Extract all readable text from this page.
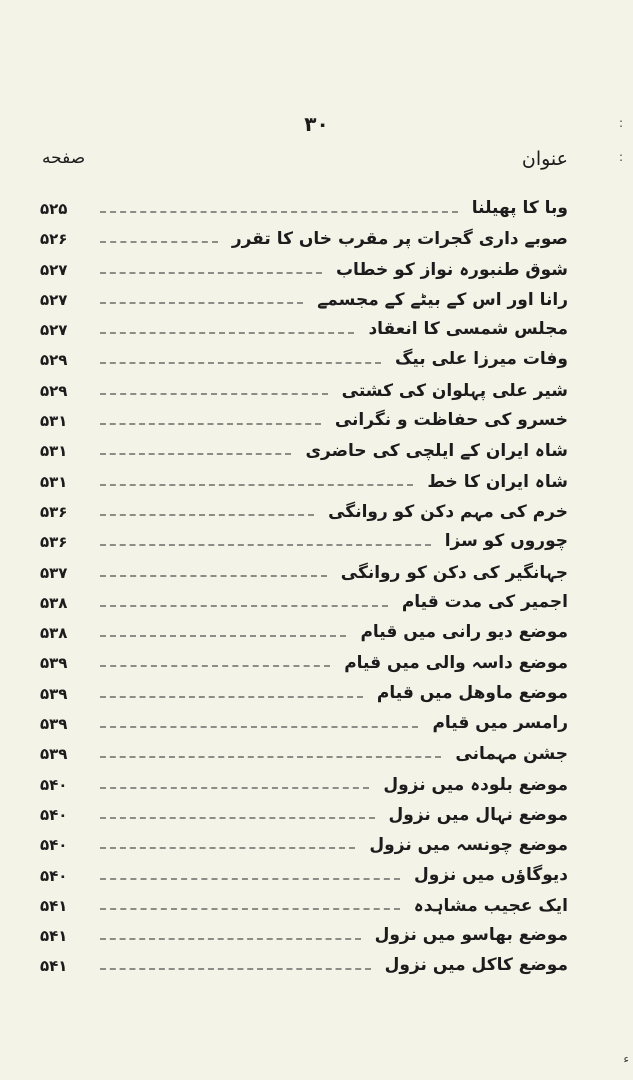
:
:
ء
۳۰
عنوان
صفحه
وبا کا پھیلنا
۵۲۵
صوبے داری گجرات پر مقرب خاں کا تقرر
۵۲۶
شوق طنبورہ نواز کو خطاب
۵۲۷
رانا اور اس کے بیٹے کے مجسمے
۵۲۷
مجلس شمسی کا انعقاد
۵۲۷
وفات میرزا علی بیگ
۵۲۹
شیر علی پہلوان کی کشتی
۵۲۹
خسرو کی حفاظت و نگرانی
۵۳۱
شاہ ایران کے ایلچی کی حاضری
۵۳۱
شاہ ایران کا خط
۵۳۱
خرم کی مہم دکن کو روانگی
۵۳۶
چوروں کو سزا
۵۳۶
جہانگیر کی دکن کو روانگی
۵۳۷
اجمیر کی مدت قیام
۵۳۸
موضع دیو رانی میں قیام
۵۳۸
موضع داسہ والی میں قیام
۵۳۹
موضع ماوھل میں قیام
۵۳۹
رامسر میں قیام
۵۳۹
جشن مہمانی
۵۳۹
موضع بلودہ میں نزول
۵۴۰
موضع نہال میں نزول
۵۴۰
موضع چونسہ میں نزول
۵۴۰
دیوگاؤں میں نزول
۵۴۰
ایک عجیب مشاہدہ
۵۴۱
موضع بھاسو میں نزول
۵۴۱
موضع کاکل میں نزول
۵۴۱
